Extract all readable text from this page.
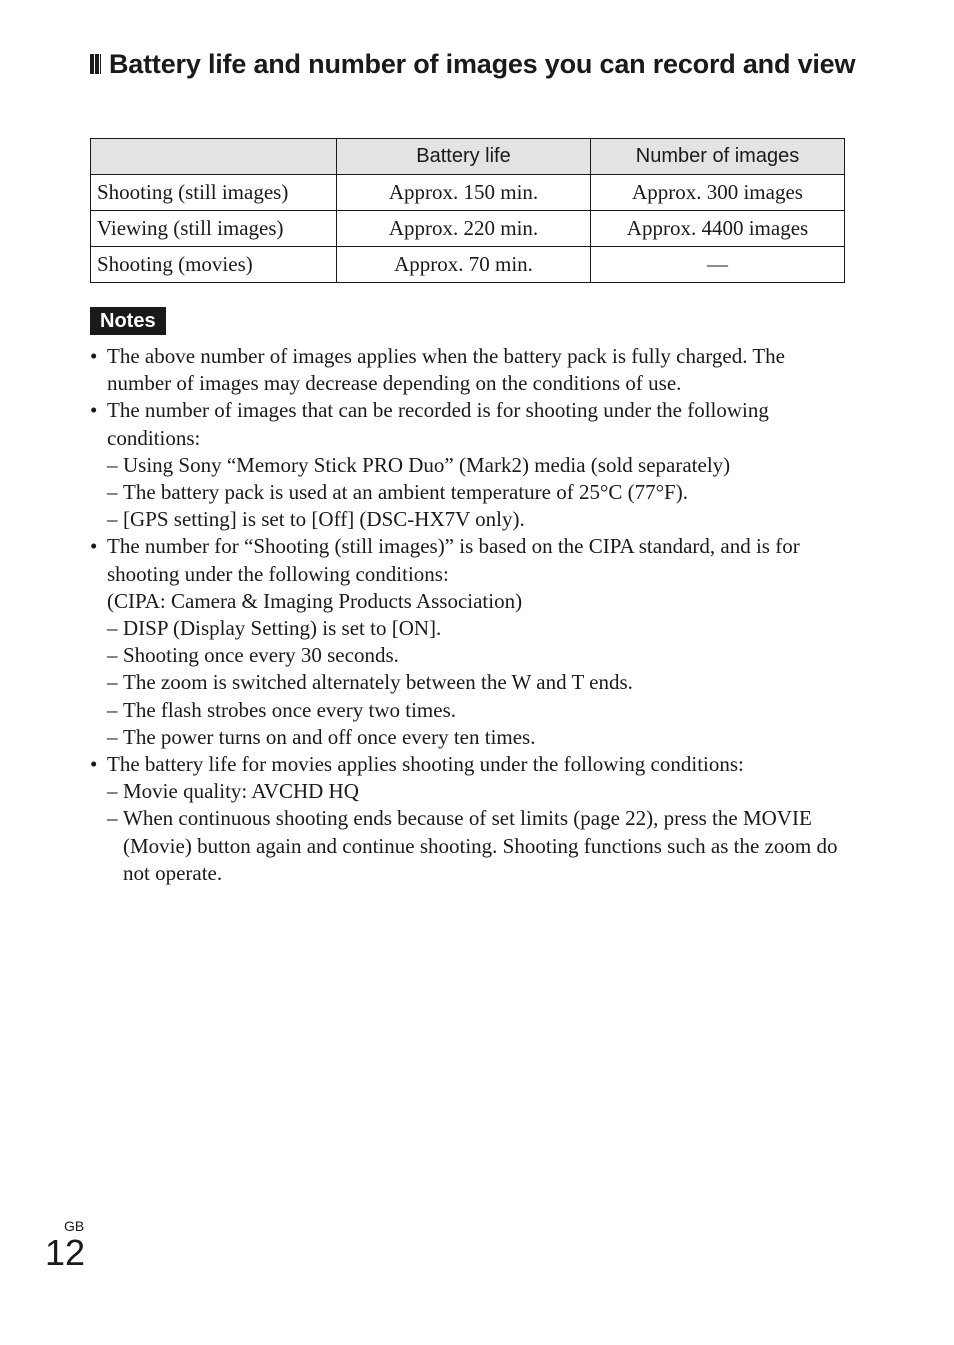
Battery life and number of images you can record and view
	Battery life	Number of images
Shooting (still images)	Approx. 150 min.	Approx. 300 images
Viewing (still images)	Approx. 220 min.	Approx. 4400 images
Shooting (movies)	Approx. 70 min.	—
Notes
• The above number of images applies when the battery pack is fully charged. The number of images may decrease depending on the conditions of use.
• The number of images that can be recorded is for shooting under the following conditions:
– Using Sony “Memory Stick PRO Duo” (Mark2) media (sold separately)
– The battery pack is used at an ambient temperature of 25°C (77°F).
– [GPS setting] is set to [Off] (DSC-HX7V only).
• The number for “Shooting (still images)” is based on the CIPA standard, and is for shooting under the following conditions:
(CIPA: Camera & Imaging Products Association)
– DISP (Display Setting) is set to [ON].
– Shooting once every 30 seconds.
– The zoom is switched alternately between the W and T ends.
– The flash strobes once every two times.
– The power turns on and off once every ten times.
• The battery life for movies applies shooting under the following conditions:
– Movie quality: AVCHD HQ
– When continuous shooting ends because of set limits (page 22), press the MOVIE (Movie) button again and continue shooting. Shooting functions such as the zoom do not operate.
GB
12
